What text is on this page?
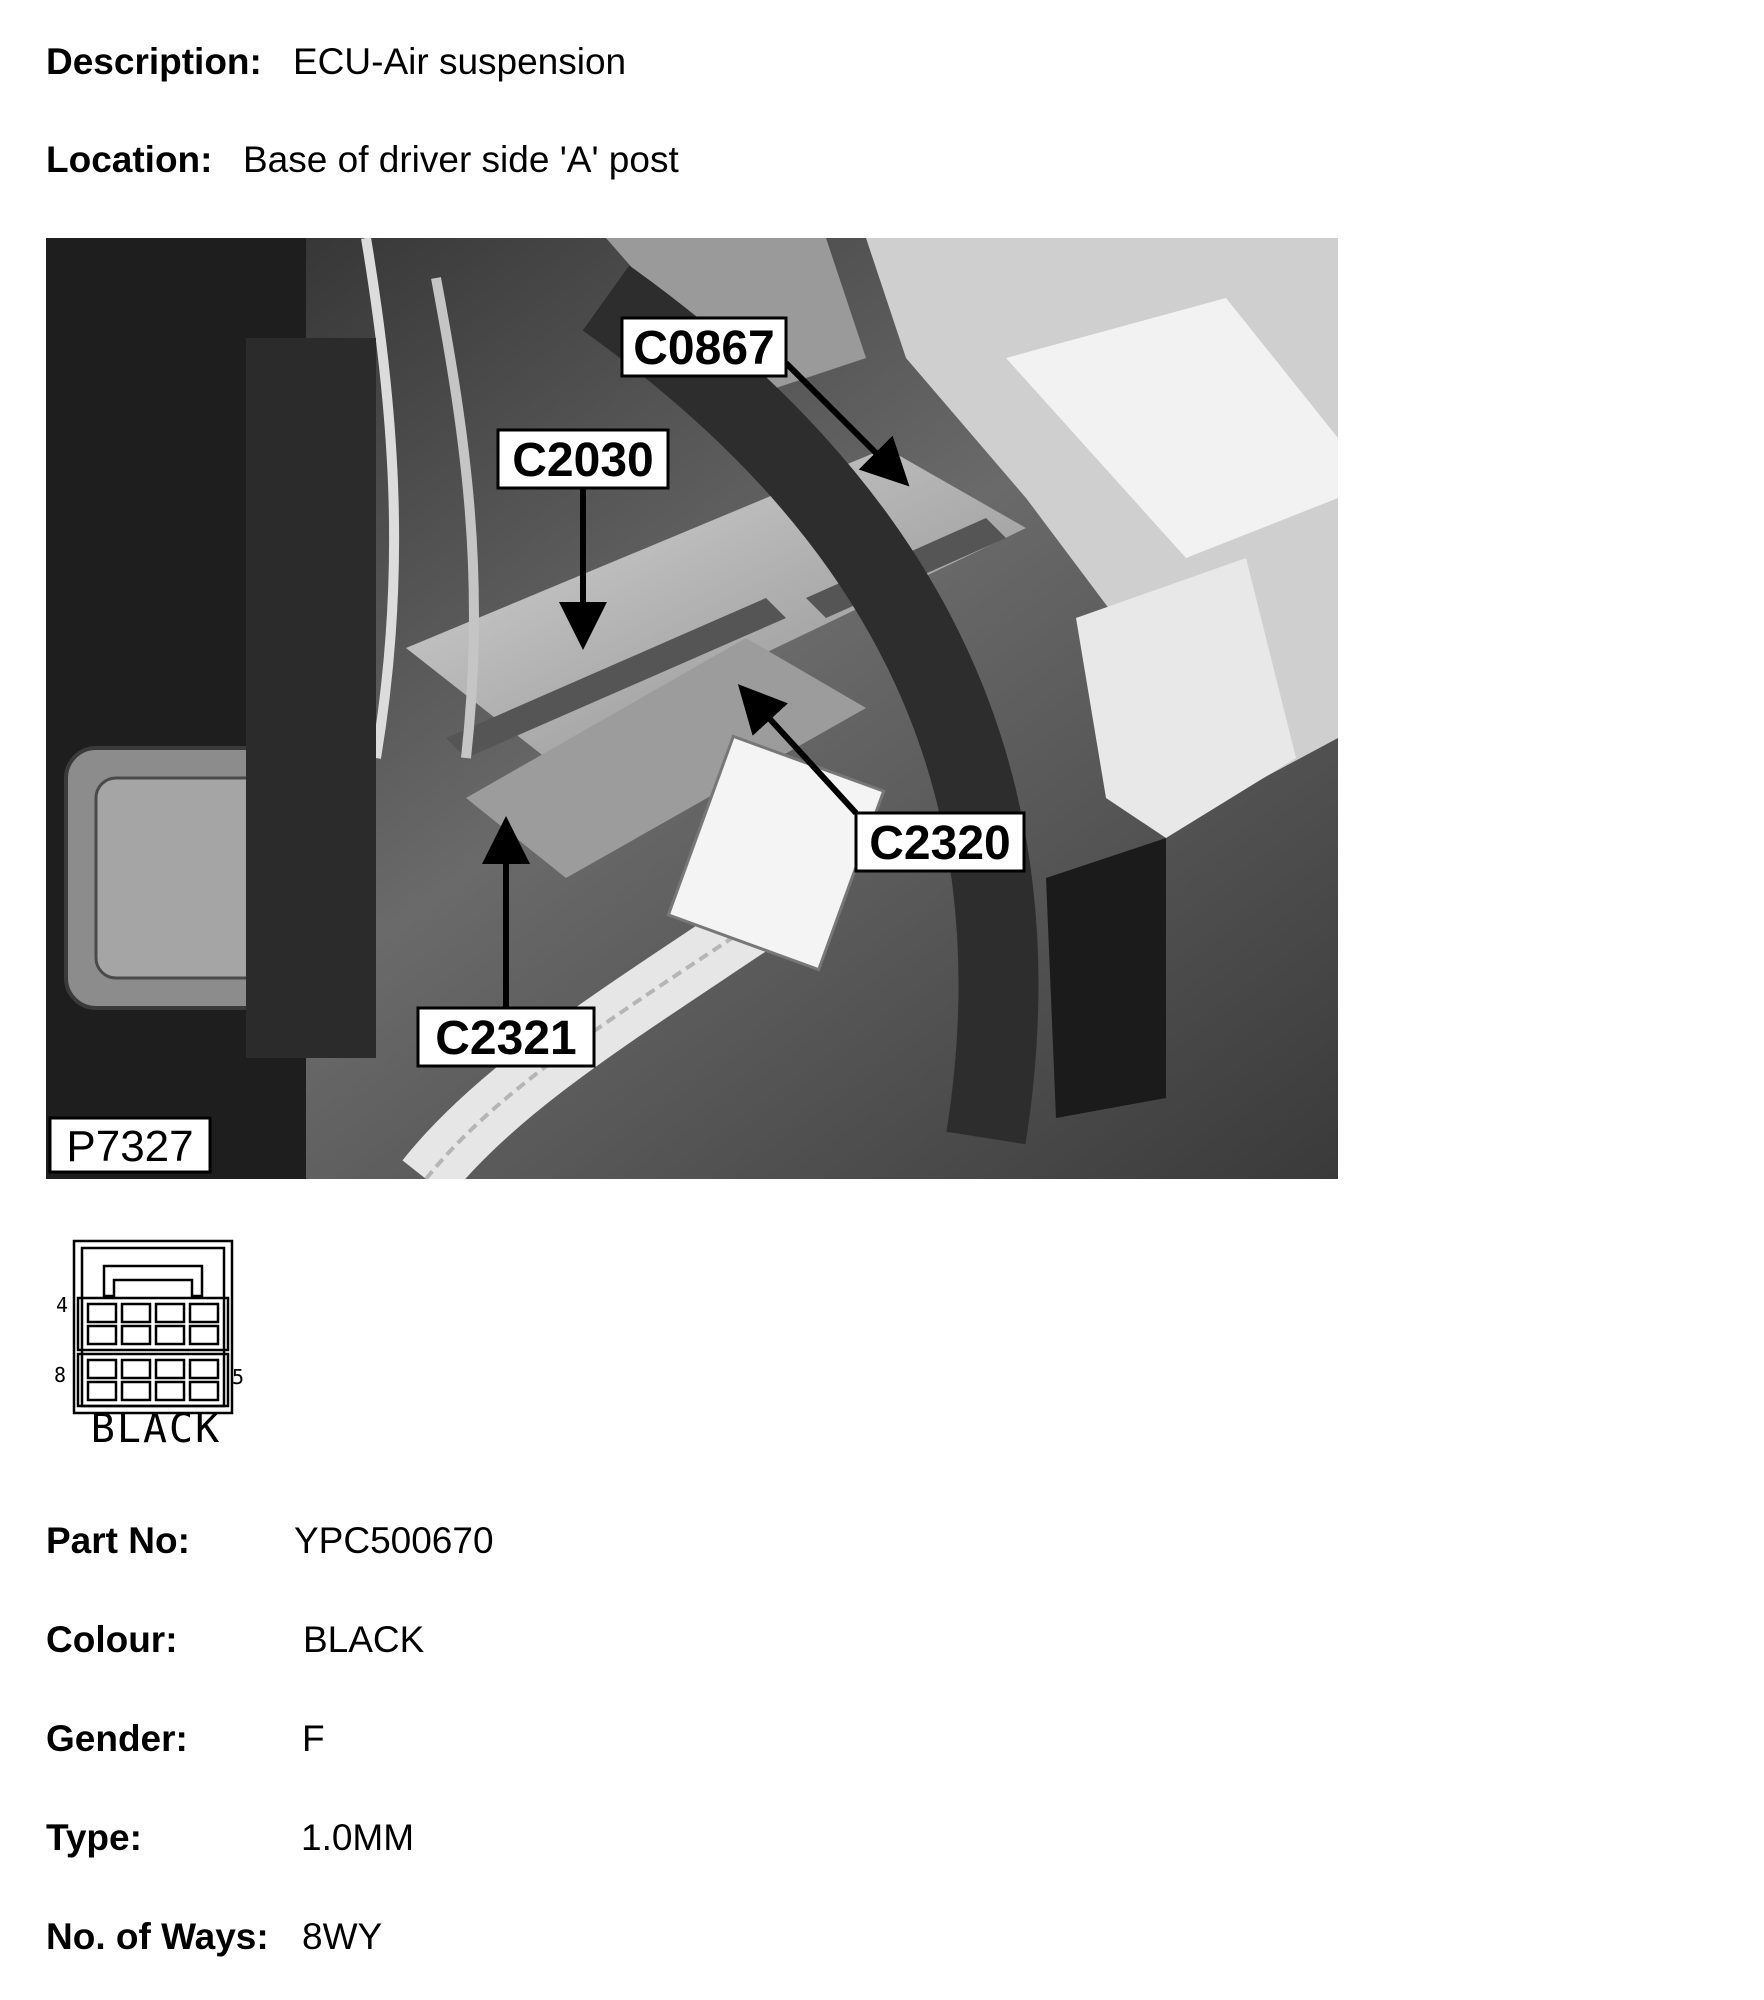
Description: ECU-Air suspension
Location: Base of driver side 'A' post
C0867
C2030
C2320
C2321
P7327
4
8	5
BLACK
Part No:	YPC500670
Colour:	BLACK
Gender:	F
Type:	1.0MM
No. of Ways: 8WY
